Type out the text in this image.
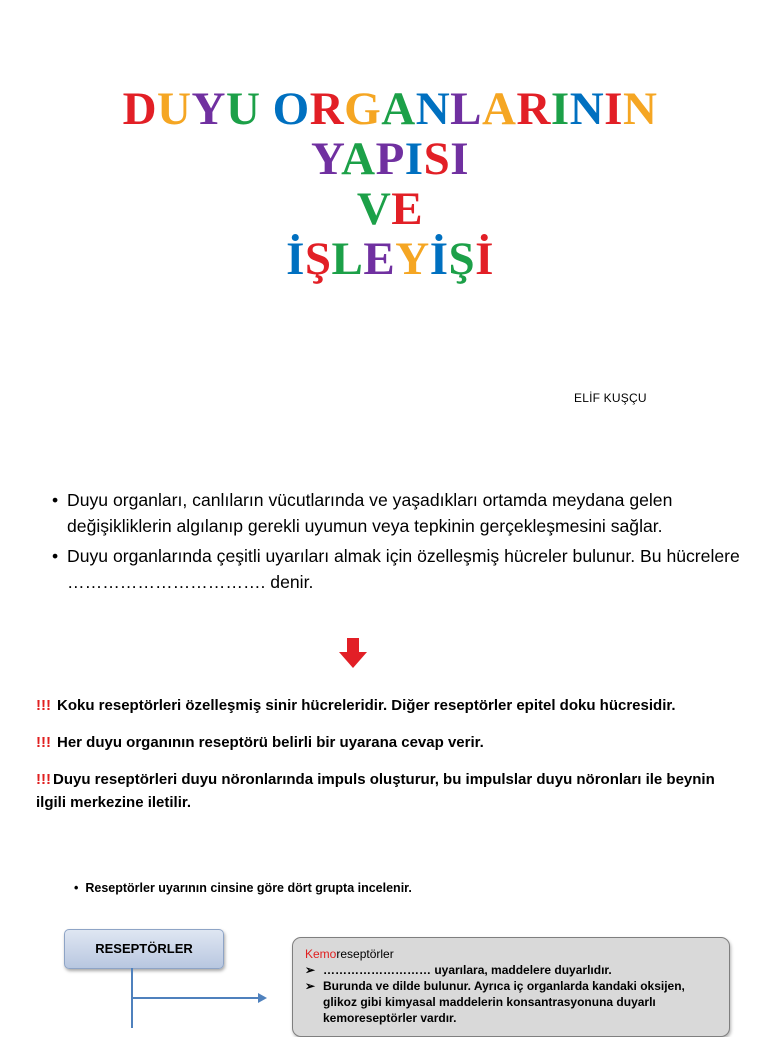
DUYU ORGANLARININ
YAPISI
VE
İŞLEYİŞİ
ELİF KUŞÇU
• Duyu organları, canlıların vücutlarında ve yaşadıkları ortamda meydana gelen değişikliklerin algılanıp gerekli uyumun veya tepkinin gerçekleşmesini sağlar.
• Duyu organlarında çeşitli uyarıları almak için özelleşmiş hücreler bulunur. Bu hücrelere ……………………………. denir.
!!! Koku reseptörleri özelleşmiş sinir hücreleridir. Diğer reseptörler epitel doku hücresidir.
!!! Her duyu organının reseptörü belirli bir uyarana cevap verir.
!!! Duyu reseptörleri duyu nöronlarında impuls oluşturur, bu impulslar duyu nöronları ile beynin ilgili merkezine iletilir.
• Reseptörler uyarının cinsine göre dört grupta incelenir.
RESEPTÖRLER	Kemoreseptörler
➢ ……………………… uyarılara, maddelere duyarlıdır.
➢ Burunda ve dilde bulunur. Ayrıca iç organlarda kandaki oksijen, glikoz gibi kimyasal maddelerin konsantrasyonuna duyarlı kemoreseptörler vardır.
